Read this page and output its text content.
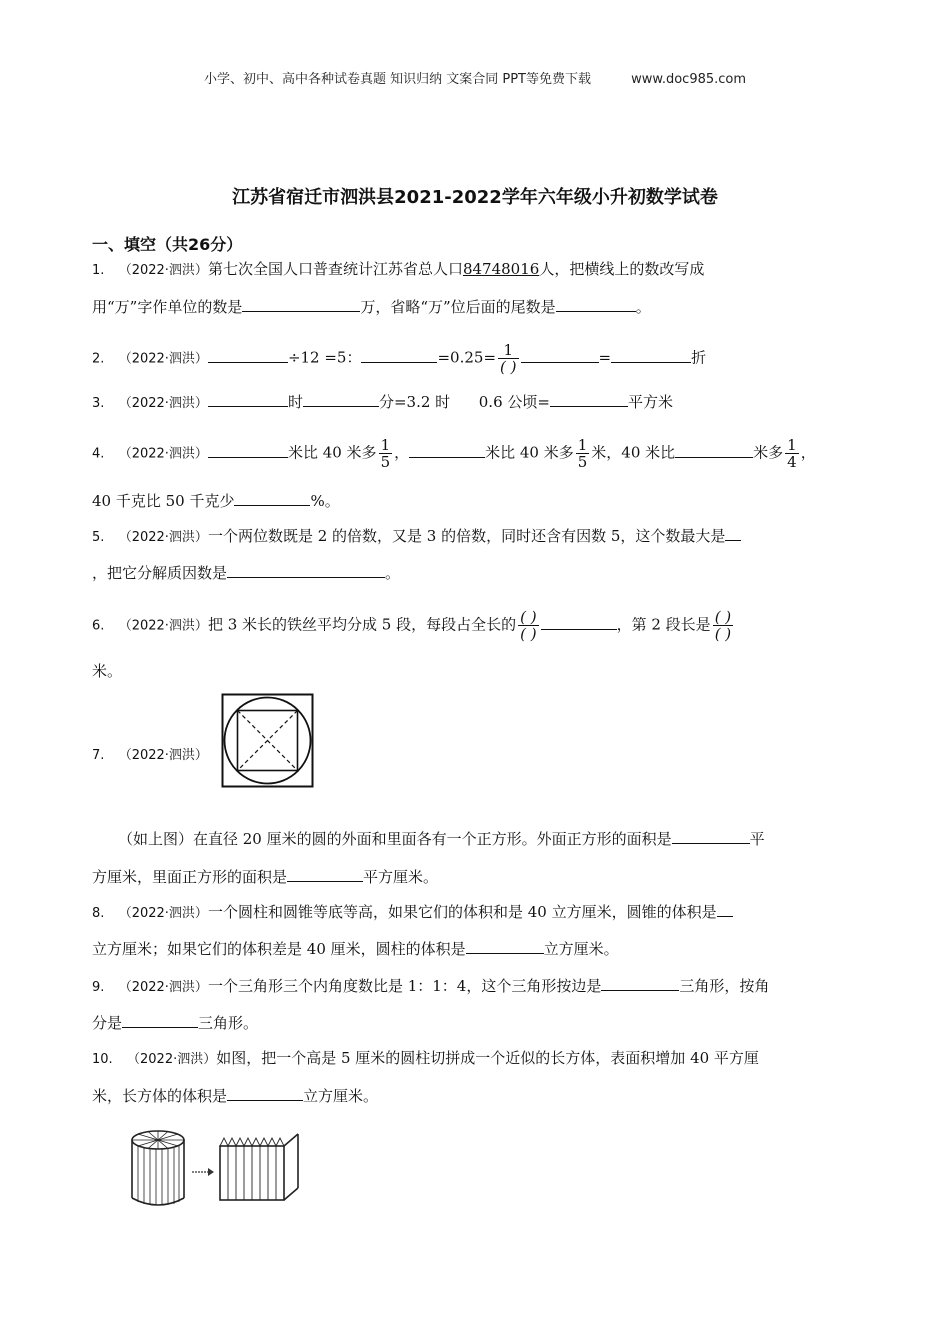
小学、初中、高中各种试卷真题 知识归纳 文案合同 PPT等免费下载	www.doc985.com
江苏省宿迁市泗洪县2021-2022学年六年级小升初数学试卷
一、填空（共26分）
1. （2022·泗洪）第七次全国人口普查统计江苏省总人口84748016人，把横线上的数改写成
用“万”字作单位的数是	万，省略“万”位后面的尾数是	。
2. （2022·泗洪）	÷12 =5：	$=0.25= \frac{1}{( )}$	=	折
3. （2022·泗洪）	时	分=3.2 时 0.6 公顷=	平方米
4. （2022·泗洪）	米比 40 米多 $\frac{1}{5}$ ，	米比 40 米多 $\frac{1}{5}$ 米，40 米比	米多 $\frac{1}{4}$ ，
40 千克比 50 千克少	%。
5. （2022·泗洪）一个两位数既是 2 的倍数，又是 3 的倍数，同时还含有因数 5，这个数最大是
，把它分解质因数是	。
6. （2022·泗洪）把 3 米长的铁丝平均分成 5 段，每段占全长的 $\frac{( )}{( )}$	，第 2 段长是 $\frac{( )}{( )}$
米。
7. （2022·泗洪）
（如上图）在直径 20 厘米的圆的外面和里面各有一个正方形。外面正方形的面积是	平
方厘米，里面正方形的面积是	平方厘米。
8. （2022·泗洪）一个圆柱和圆锥等底等高，如果它们的体积和是 40 立方厘米，圆锥的体积是
立方厘米；如果它们的体积差是 40 厘米，圆柱的体积是	立方厘米。
9. （2022·泗洪）一个三角形三个内角度数比是 1：1：4，这个三角形按边是	三角形，按角
分是	三角形。
10. （2022·泗洪）如图，把一个高是 5 厘米的圆柱切拼成一个近似的长方体，表面积增加 40 平方厘
米，长方体的体积是	立方厘米。
